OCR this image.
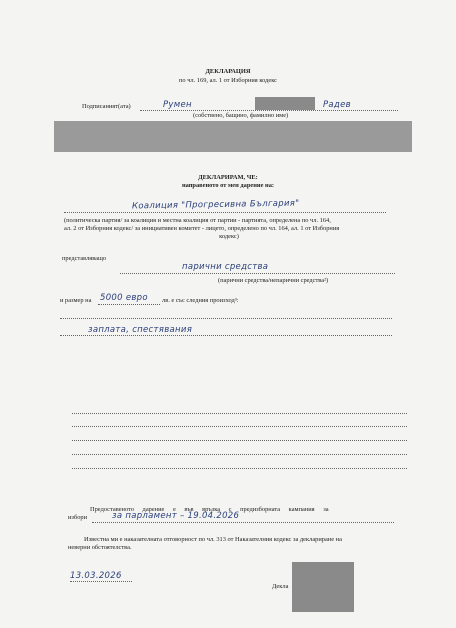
ДЕКЛАРАЦИЯ
по чл. 169, ал. 1 от Изборния кодекс
Подписаният(ата)	Румен	Радев
(собствено, бащино, фамилно име)
ДЕКЛАРИРАМ, ЧЕ:
направеното от мен дарение на:
Коалиция "Прогресивна България"
(политическа партия/ за коалиция и местна коалиция от партии - партията, определена по чл. 164,
ал. 2 от Изборния кодекс/ за инициативен комитет - лицето, определено по чл. 164, ал. 1 от Изборния
кодекс)
представляващо
парични средства
(парични средства/непарични средства²)
и размер на 5000 евро лв. е със следния произход³:
заплата, спестявания
Предоставеното дарение е във връзка с предизборната кампания за
избори	за парламент – 19.04.2026
Известна ми е наказателната отговорност по чл. 313 от Наказателния кодекс за деклариране на
неверни обстоятелства.
13.03.2026
Декла
